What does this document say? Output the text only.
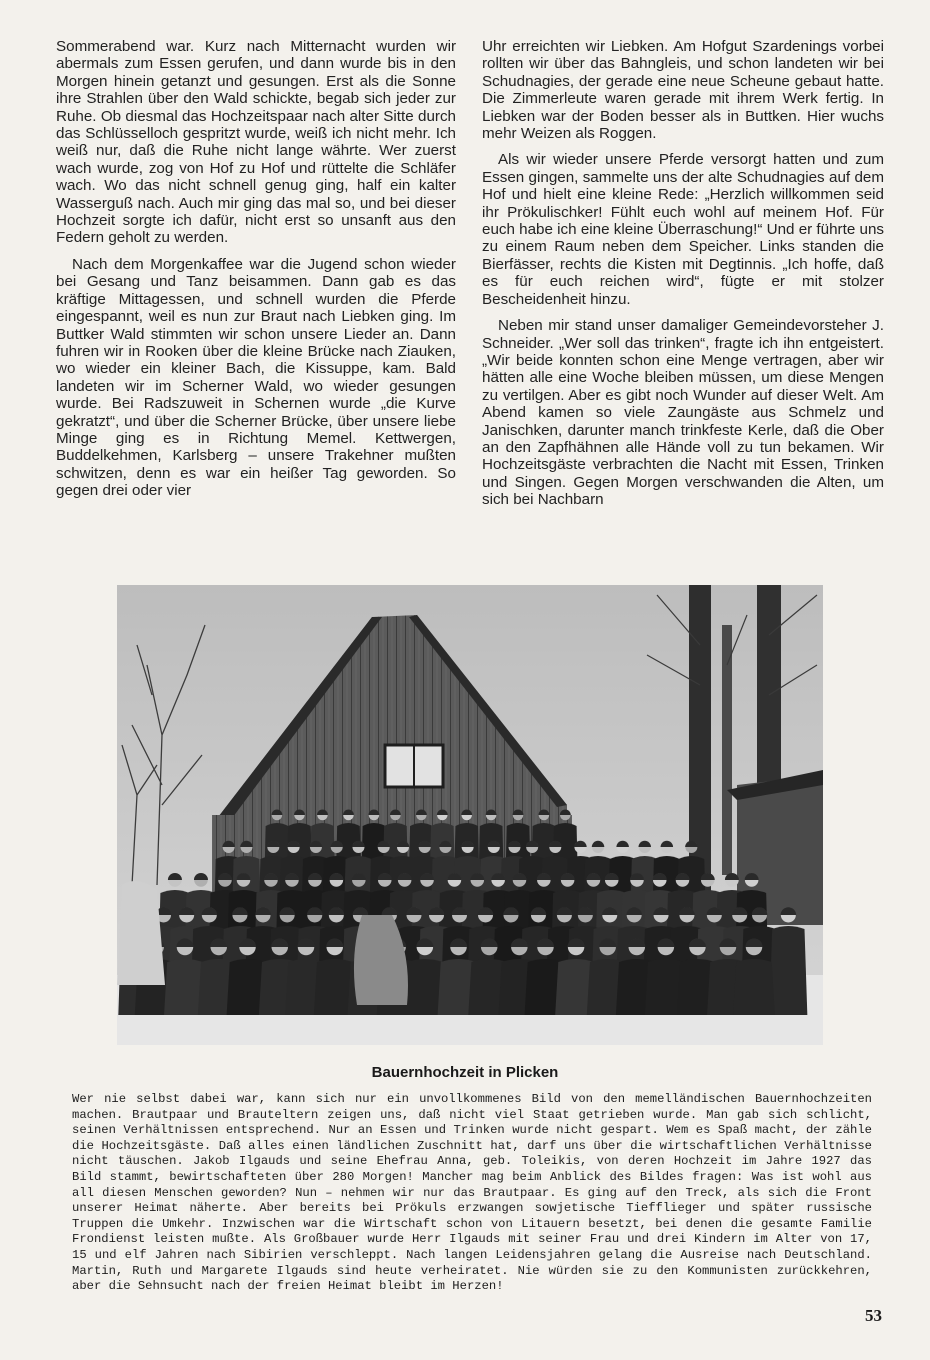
Sommerabend war. Kurz nach Mitternacht wurden wir abermals zum Essen gerufen, und dann wurde bis in den Morgen hinein getanzt und gesungen. Erst als die Sonne ihre Strahlen über den Wald schickte, begab sich jeder zur Ruhe. Ob diesmal das Hochzeitspaar nach alter Sitte durch das Schlüsselloch gespritzt wurde, weiß ich nicht mehr. Ich weiß nur, daß die Ruhe nicht lange währte. Wer zuerst wach wurde, zog von Hof zu Hof und rüttelte die Schläfer wach. Wo das nicht schnell genug ging, half ein kalter Wasserguß nach. Auch mir ging das mal so, und bei dieser Hochzeit sorgte ich dafür, nicht erst so unsanft aus den Federn geholt zu werden.

Nach dem Morgenkaffee war die Jugend schon wieder bei Gesang und Tanz beisammen. Dann gab es das kräftige Mittagessen, und schnell wurden die Pferde eingespannt, weil es nun zur Braut nach Liebken ging. Im Buttker Wald stimmten wir schon unsere Lieder an. Dann fuhren wir in Rooken über die kleine Brücke nach Ziauken, wo wieder ein kleiner Bach, die Kissuppe, kam. Bald landeten wir im Scherner Wald, wo wieder gesungen wurde. Bei Radszuweit in Schernen wurde „die Kurve gekratzt“, und über die Scherner Brücke, über unsere liebe Minge ging es in Richtung Memel. Kettwergen, Buddelkehmen, Karlsberg – unsere Trakehner mußten schwitzen, denn es war ein heißer Tag geworden. So gegen drei oder vier

Uhr erreichten wir Liebken. Am Hofgut Szardenings vorbei rollten wir über das Bahngleis, und schon landeten wir bei Schudnagies, der gerade eine neue Scheune gebaut hatte. Die Zimmerleute waren gerade mit ihrem Werk fertig. In Liebken war der Boden besser als in Buttken. Hier wuchs mehr Weizen als Roggen.

Als wir wieder unsere Pferde versorgt hatten und zum Essen gingen, sammelte uns der alte Schudnagies auf dem Hof und hielt eine kleine Rede: „Herzlich willkommen seid ihr Prökulischker! Fühlt euch wohl auf meinem Hof. Für euch habe ich eine kleine Überraschung!“ Und er führte uns zu einem Raum neben dem Speicher. Links standen die Bierfässer, rechts die Kisten mit Degtinnis. „Ich hoffe, daß es für euch reichen wird“, fügte er mit stolzer Bescheidenheit hinzu.

Neben mir stand unser damaliger Gemeindevorsteher J. Schneider. „Wer soll das trinken“, fragte ich ihn entgeistert. „Wir beide konnten schon eine Menge vertragen, aber wir hätten alle eine Woche bleiben müssen, um diese Mengen zu vertilgen. Aber es gibt noch Wunder auf dieser Welt. Am Abend kamen so viele Zaungäste aus Schmelz und Janischken, darunter manch trinkfeste Kerle, daß die Ober an den Zapfhähnen alle Hände voll zu tun bekamen. Wir Hochzeitsgäste verbrachten die Nacht mit Essen, Trinken und Singen. Gegen Morgen verschwanden die Alten, um sich bei Nachbarn

Bauernhochzeit in Plicken

Wer nie selbst dabei war, kann sich nur ein unvollkommenes Bild von den memelländischen Bauernhochzeiten machen. Brautpaar und Brauteltern zeigen uns, daß nicht viel Staat getrieben wurde. Man gab sich schlicht, seinen Verhältnissen entsprechend. Nur an Essen und Trinken wurde nicht gespart. Wem es Spaß macht, der zähle die Hochzeitsgäste. Daß alles einen ländlichen Zuschnitt hat, darf uns über die wirtschaftlichen Verhältnisse nicht täuschen. Jakob Ilgauds und seine Ehefrau Anna, geb. Toleikis, von deren Hochzeit im Jahre 1927 das Bild stammt, bewirtschafteten über 280 Morgen! Mancher mag beim Anblick des Bildes fragen: Was ist wohl aus all diesen Menschen geworden? Nun – nehmen wir nur das Brautpaar. Es ging auf den Treck, als sich die Front unserer Heimat näherte. Aber bereits bei Prökuls erzwangen sowjetische Tiefflieger und später russische Truppen die Umkehr. Inzwischen war die Wirtschaft schon von Litauern besetzt, bei denen die gesamte Familie Frondienst leisten mußte. Als Großbauer wurde Herr Ilgauds mit seiner Frau und drei Kindern im Alter von 17, 15 und elf Jahren nach Sibirien verschleppt. Nach langen Leidensjahren gelang die Ausreise nach Deutschland. Martin, Ruth und Margarete Ilgauds sind heute verheiratet. Nie würden sie zu den Kommunisten zurückkehren, aber die Sehnsucht nach der freien Heimat bleibt im Herzen!

53
